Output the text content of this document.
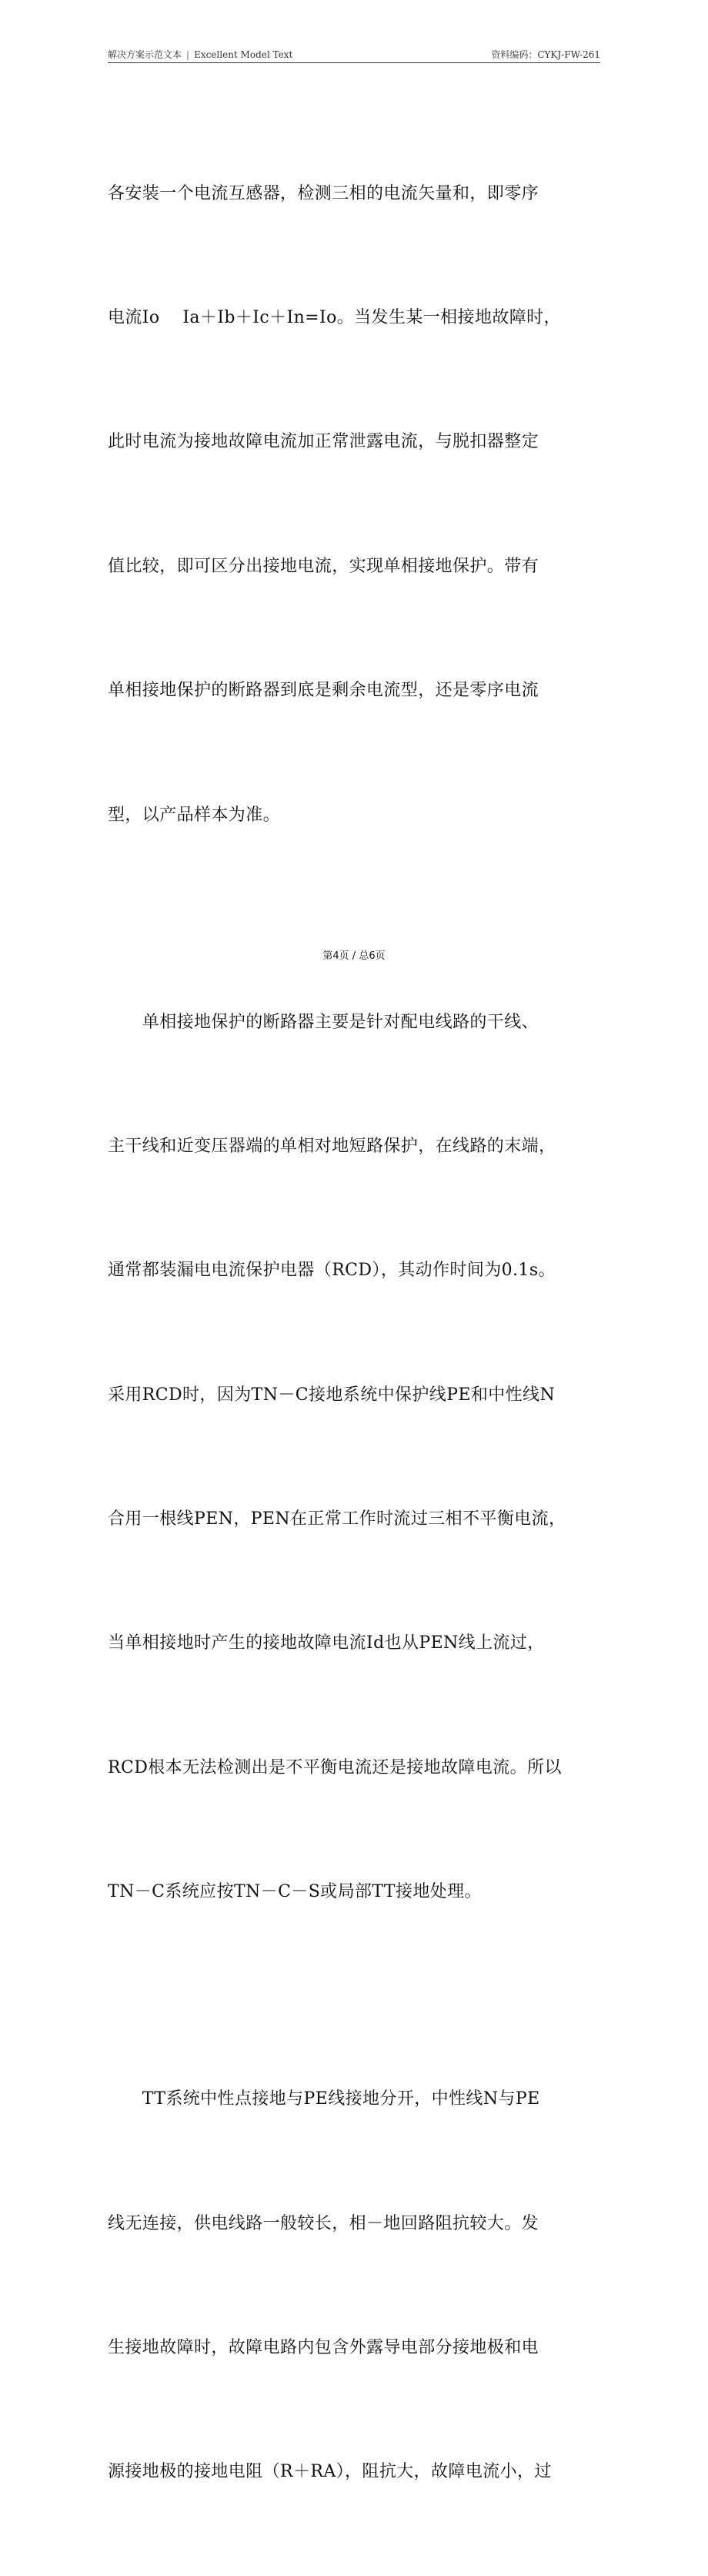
解决方案示范文本 | Excellent Model Text	资料编码：CYKJ-FW-261

各安装一个电流互感器，检测三相的电流矢量和，即零序

电流Io　 Ia＋Ib＋Ic＋In=Io。当发生某一相接地故障时，

此时电流为接地故障电流加正常泄露电流，与脱扣器整定

值比较，即可区分出接地电流，实现单相接地保护。带有

单相接地保护的断路器到底是剩余电流型，还是零序电流

型，以产品样本为准。

　　单相接地保护的断路器主要是针对配电线路的干线、

主干线和近变压器端的单相对地短路保护，在线路的末端，

通常都装漏电电流保护电器（RCD），其动作时间为0.1s。

采用RCD时，因为TN－C接地系统中保护线PE和中性线N

合用一根线PEN，PEN在正常工作时流过三相不平衡电流，

当单相接地时产生的接地故障电流Id也从PEN线上流过，

RCD根本无法检测出是不平衡电流还是接地故障电流。所以

TN－C系统应按TN－C－S或局部TT接地处理。

　　TT系统中性点接地与PE线接地分开，中性线N与PE

线无连接，供电线路一般较长，相－地回路阻抗较大。发

生接地故障时，故障电路内包含外露导电部分接地极和电

源接地极的接地电阻（R＋RA），阻抗大，故障电流小，过

第4页 / 总6页
